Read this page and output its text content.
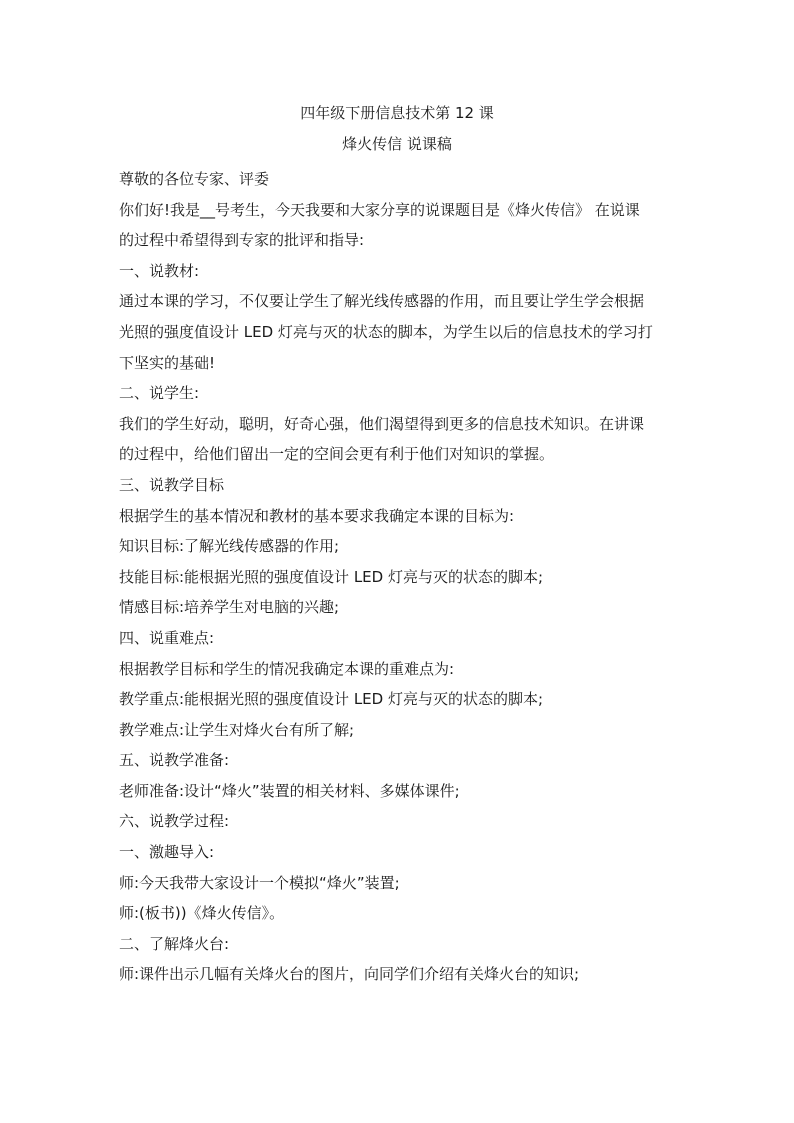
四年级下册信息技术第 12 课
烽火传信 说课稿

尊敬的各位专家、评委

你们好!我是__号考生，今天我要和大家分享的说课题目是《烽火传信》 在说课

的过程中希望得到专家的批评和指导:

一、说教材:

通过本课的学习，不仅要让学生了解光线传感器的作用，而且要让学生学会根据

光照的强度值设计 LED 灯亮与灭的状态的脚本，为学生以后的信息技术的学习打

下坚实的基础!

二、说学生:

我们的学生好动，聪明，好奇心强，他们渴望得到更多的信息技术知识。在讲课

的过程中，给他们留出一定的空间会更有利于他们对知识的掌握。

三、说教学目标

根据学生的基本情况和教材的基本要求我确定本课的目标为:

知识目标:了解光线传感器的作用;

技能目标:能根据光照的强度值设计 LED 灯亮与灭的状态的脚本;

情感目标:培养学生对电脑的兴趣;

四、说重难点:

根据教学目标和学生的情况我确定本课的重难点为:

教学重点:能根据光照的强度值设计 LED 灯亮与灭的状态的脚本;

教学难点:让学生对烽火台有所了解;

五、说教学准备:

老师准备:设计“烽火”装置的相关材料、多媒体课件;

六、说教学过程:

一、激趣导入:

师:今天我带大家设计一个模拟“烽火”装置;

师:(板书))《烽火传信》。

二、了解烽火台:

师:课件出示几幅有关烽火台的图片，向同学们介绍有关烽火台的知识;
